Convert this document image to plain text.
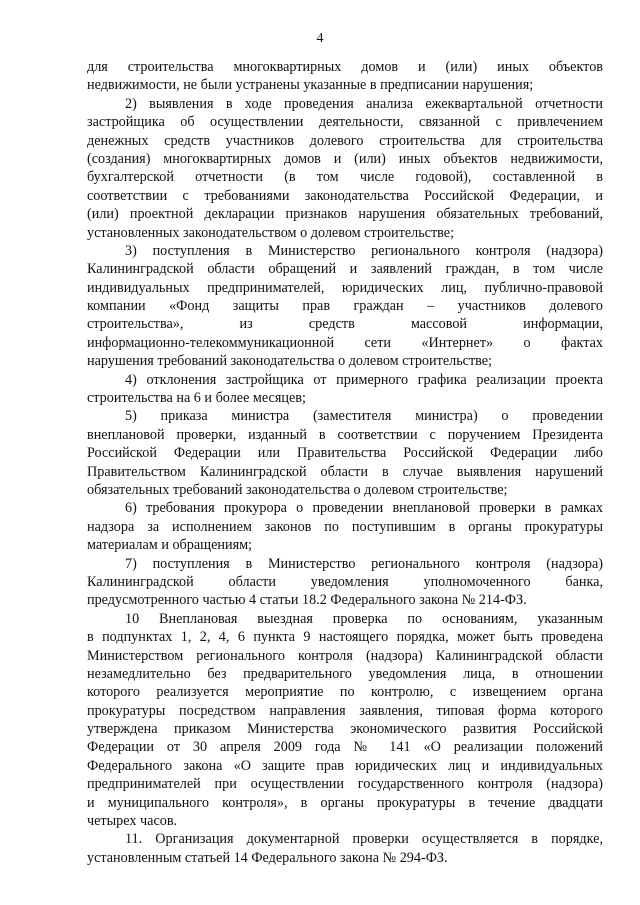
4
для строительства многоквартирных домов и (или) иных объектов
недвижимости, не были устранены указанные в предписании нарушения;
2) выявления в ходе проведения анализа ежеквартальной отчетности
застройщика об осуществлении деятельности, связанной с привлечением
денежных средств участников долевого строительства для строительства
(создания) многоквартирных домов и (или) иных объектов недвижимости,
бухгалтерской отчетности (в том числе годовой), составленной в
соответствии с требованиями законодательства Российской Федерации, и
(или) проектной декларации признаков нарушения обязательных требований,
установленных законодательством о долевом строительстве;
3) поступления в Министерство регионального контроля (надзора)
Калининградской области обращений и заявлений граждан, в том числе
индивидуальных предпринимателей, юридических лиц, публично-правовой
компании «Фонд защиты прав граждан – участников долевого
строительства», из средств массовой информации,
информационно-телекоммуникационной сети «Интернет» о фактах
нарушения требований законодательства о долевом строительстве;
4) отклонения застройщика от примерного графика реализации проекта
строительства на 6 и более месяцев;
5) приказа министра (заместителя министра) о проведении
внеплановой проверки, изданный в соответствии с поручением Президента
Российской Федерации или Правительства Российской Федерации либо
Правительством Калининградской области в случае выявления нарушений
обязательных требований законодательства о долевом строительстве;
6) требования прокурора о проведении внеплановой проверки в рамках
надзора за исполнением законов по поступившим в органы прокуратуры
материалам и обращениям;
7) поступления в Министерство регионального контроля (надзора)
Калининградской области уведомления уполномоченного банка,
предусмотренного частью 4 статьи 18.2 Федерального закона № 214-ФЗ.
10 Внеплановая выездная проверка по основаниям, указанным
в подпунктах 1, 2, 4, 6 пункта 9 настоящего порядка, может быть проведена
Министерством регионального контроля (надзора) Калининградской области
незамедлительно без предварительного уведомления лица, в отношении
которого реализуется мероприятие по контролю, с извещением органа
прокуратуры посредством направления заявления, типовая форма которого
утверждена приказом Министерства экономического развития Российской
Федерации от 30 апреля 2009 года № 141 «О реализации положений
Федерального закона «О защите прав юридических лиц и индивидуальных
предпринимателей при осуществлении государственного контроля (надзора)
и муниципального контроля», в органы прокуратуры в течение двадцати
четырех часов.
11. Организация документарной проверки осуществляется в порядке,
установленным статьей 14 Федерального закона № 294-ФЗ.
